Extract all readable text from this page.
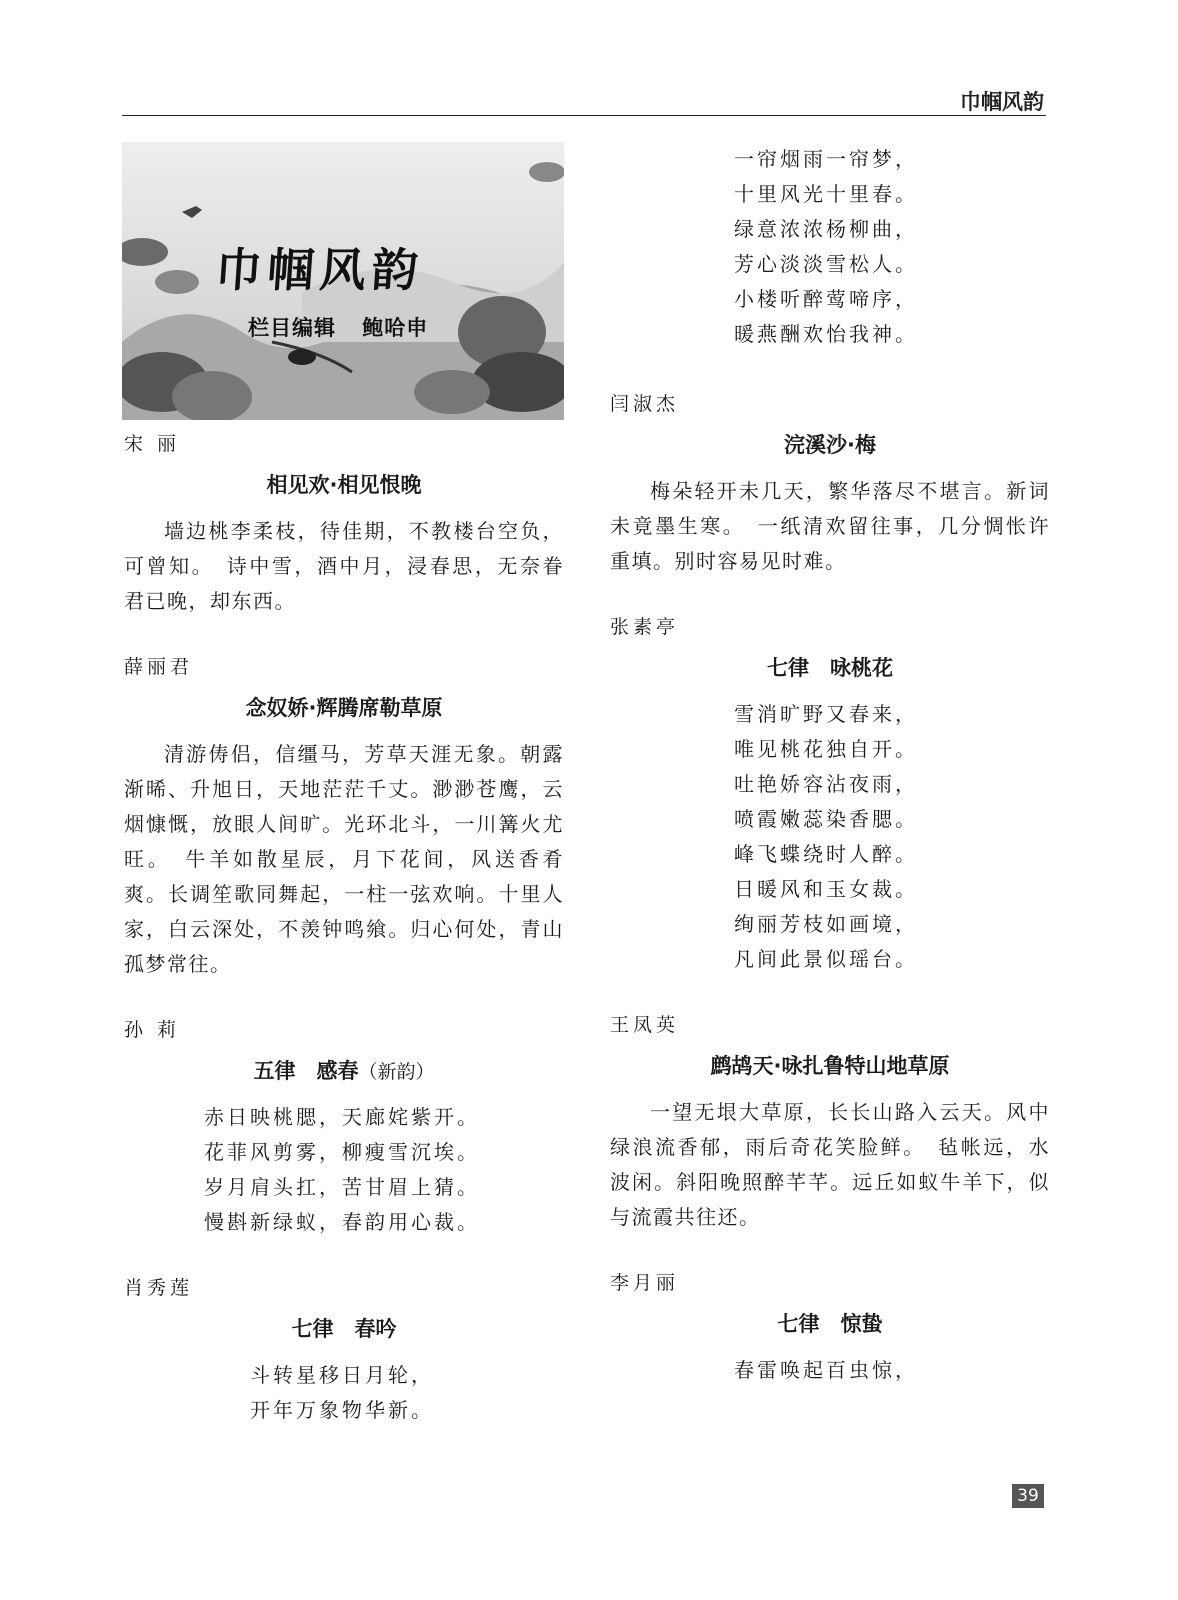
巾帼风韵
巾帼风韵
栏目编辑 鲍哈申
宋 丽
相见欢·相见恨晚

墙边桃李柔枝，待佳期，不教楼台空负，可曾知。　诗中雪，酒中月，浸春思，无奈眷君已晚，却东西。

薛丽君
念奴娇·辉腾席勒草原

清游俦侣，信缰马，芳草天涯无象。朝露渐晞、升旭日，天地茫茫千丈。渺渺苍鹰，云烟慷慨，放眼人间旷。光环北斗，一川篝火尤旺。　牛羊如散星辰，月下花间，风送香肴爽。长调笙歌同舞起，一柱一弦欢响。十里人家，白云深处，不羡钟鸣飨。归心何处，青山孤梦常往。

孙 莉
五律　感春（新韵）
赤日映桃腮，天廊姹紫开。
花菲风剪雾，柳瘦雪沉埃。
岁月肩头扛，苦甘眉上猜。
慢斟新绿蚁，春韵用心裁。
肖秀莲
七律　春吟
斗转星移日月轮，
开年万象物华新。
一帘烟雨一帘梦，
十里风光十里春。
绿意浓浓杨柳曲，
芳心淡淡雪松人。
小楼听醉莺啼序，
暖燕酬欢怡我神。
闫淑杰
浣溪沙·梅

梅朵轻开未几天，繁华落尽不堪言。新词未竟墨生寒。　一纸清欢留往事，几分惆怅许重填。别时容易见时难。

张素亭
七律　咏桃花
雪消旷野又春来，
唯见桃花独自开。
吐艳娇容沾夜雨，
喷霞嫩蕊染香腮。
峰飞蝶绕时人醉。
日暖风和玉女裁。
绚丽芳枝如画境，
凡间此景似瑶台。
王凤英
鹧鸪天·咏扎鲁特山地草原

一望无垠大草原，长长山路入云天。风中绿浪流香郁，雨后奇花笑脸鲜。　毡帐远，水波闲。斜阳晚照醉芊芊。远丘如蚁牛羊下，似与流霞共往还。

李月丽
七律　惊蛰
春雷唤起百虫惊，
39
